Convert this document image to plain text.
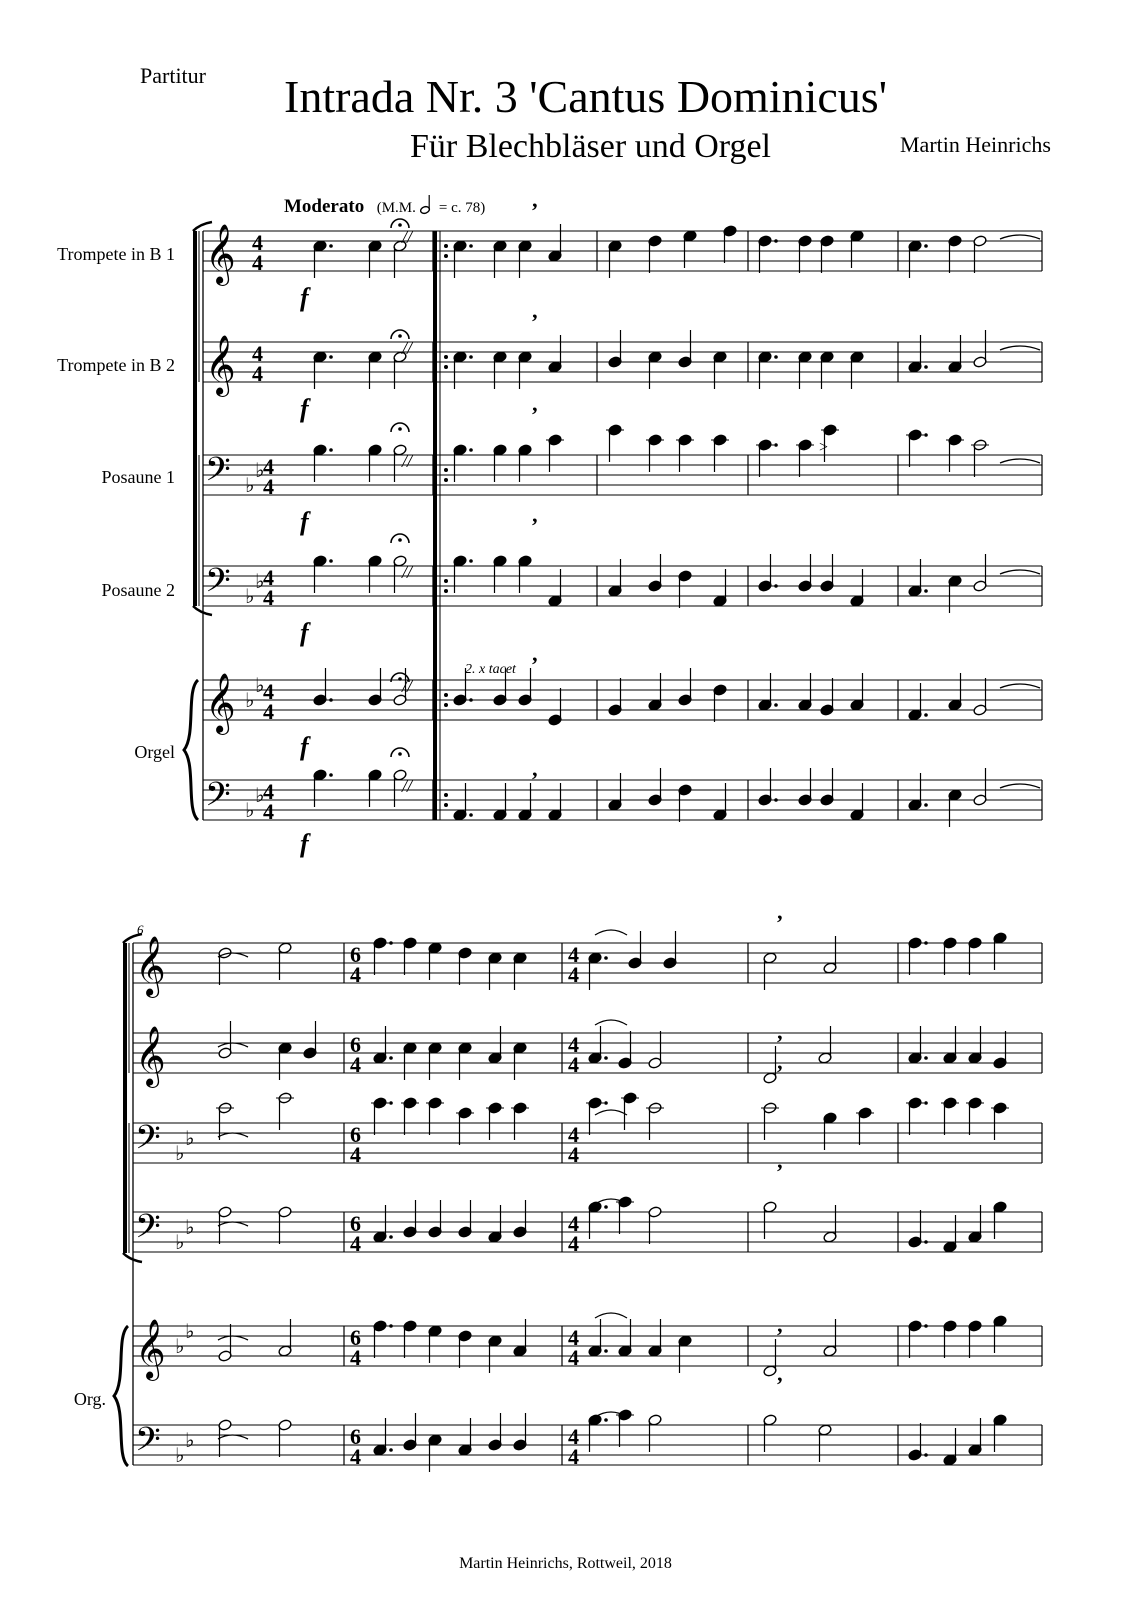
Partitur	Intrada Nr. 3 'Cantus Dominicus'
Für Blechbläser und Orgel	Martin Heinrichs
Moderato (M.M. = c. 78)
Trompete in B 1
Trompete in B 2
Posaune 1
Posaune 2
Orgel
Org.
2. x tacet
6
Martin Heinrichs, Rottweil, 2018
𝄞
𝄞
𝄢 ♭
♭
𝄢 ♭
♭
𝄞 ♭
♭
𝄢 ♭
♭
4
4
4
4
4
4
4
4
4
4
4
4
//
f
’
//
f
’
//
f
’
//
f
’
//
f
’
//
f
’
>
𝄞
𝄞
𝄢 ♭
♭
𝄢 ♭
♭
𝄞 ♭
♭
𝄢 ♭
♭
6
4
4
4
6
4
4
4
6
4
4
4
6
4
4
4
6
4
4
4
6
4
4
4
’
’
’
’
’
’
